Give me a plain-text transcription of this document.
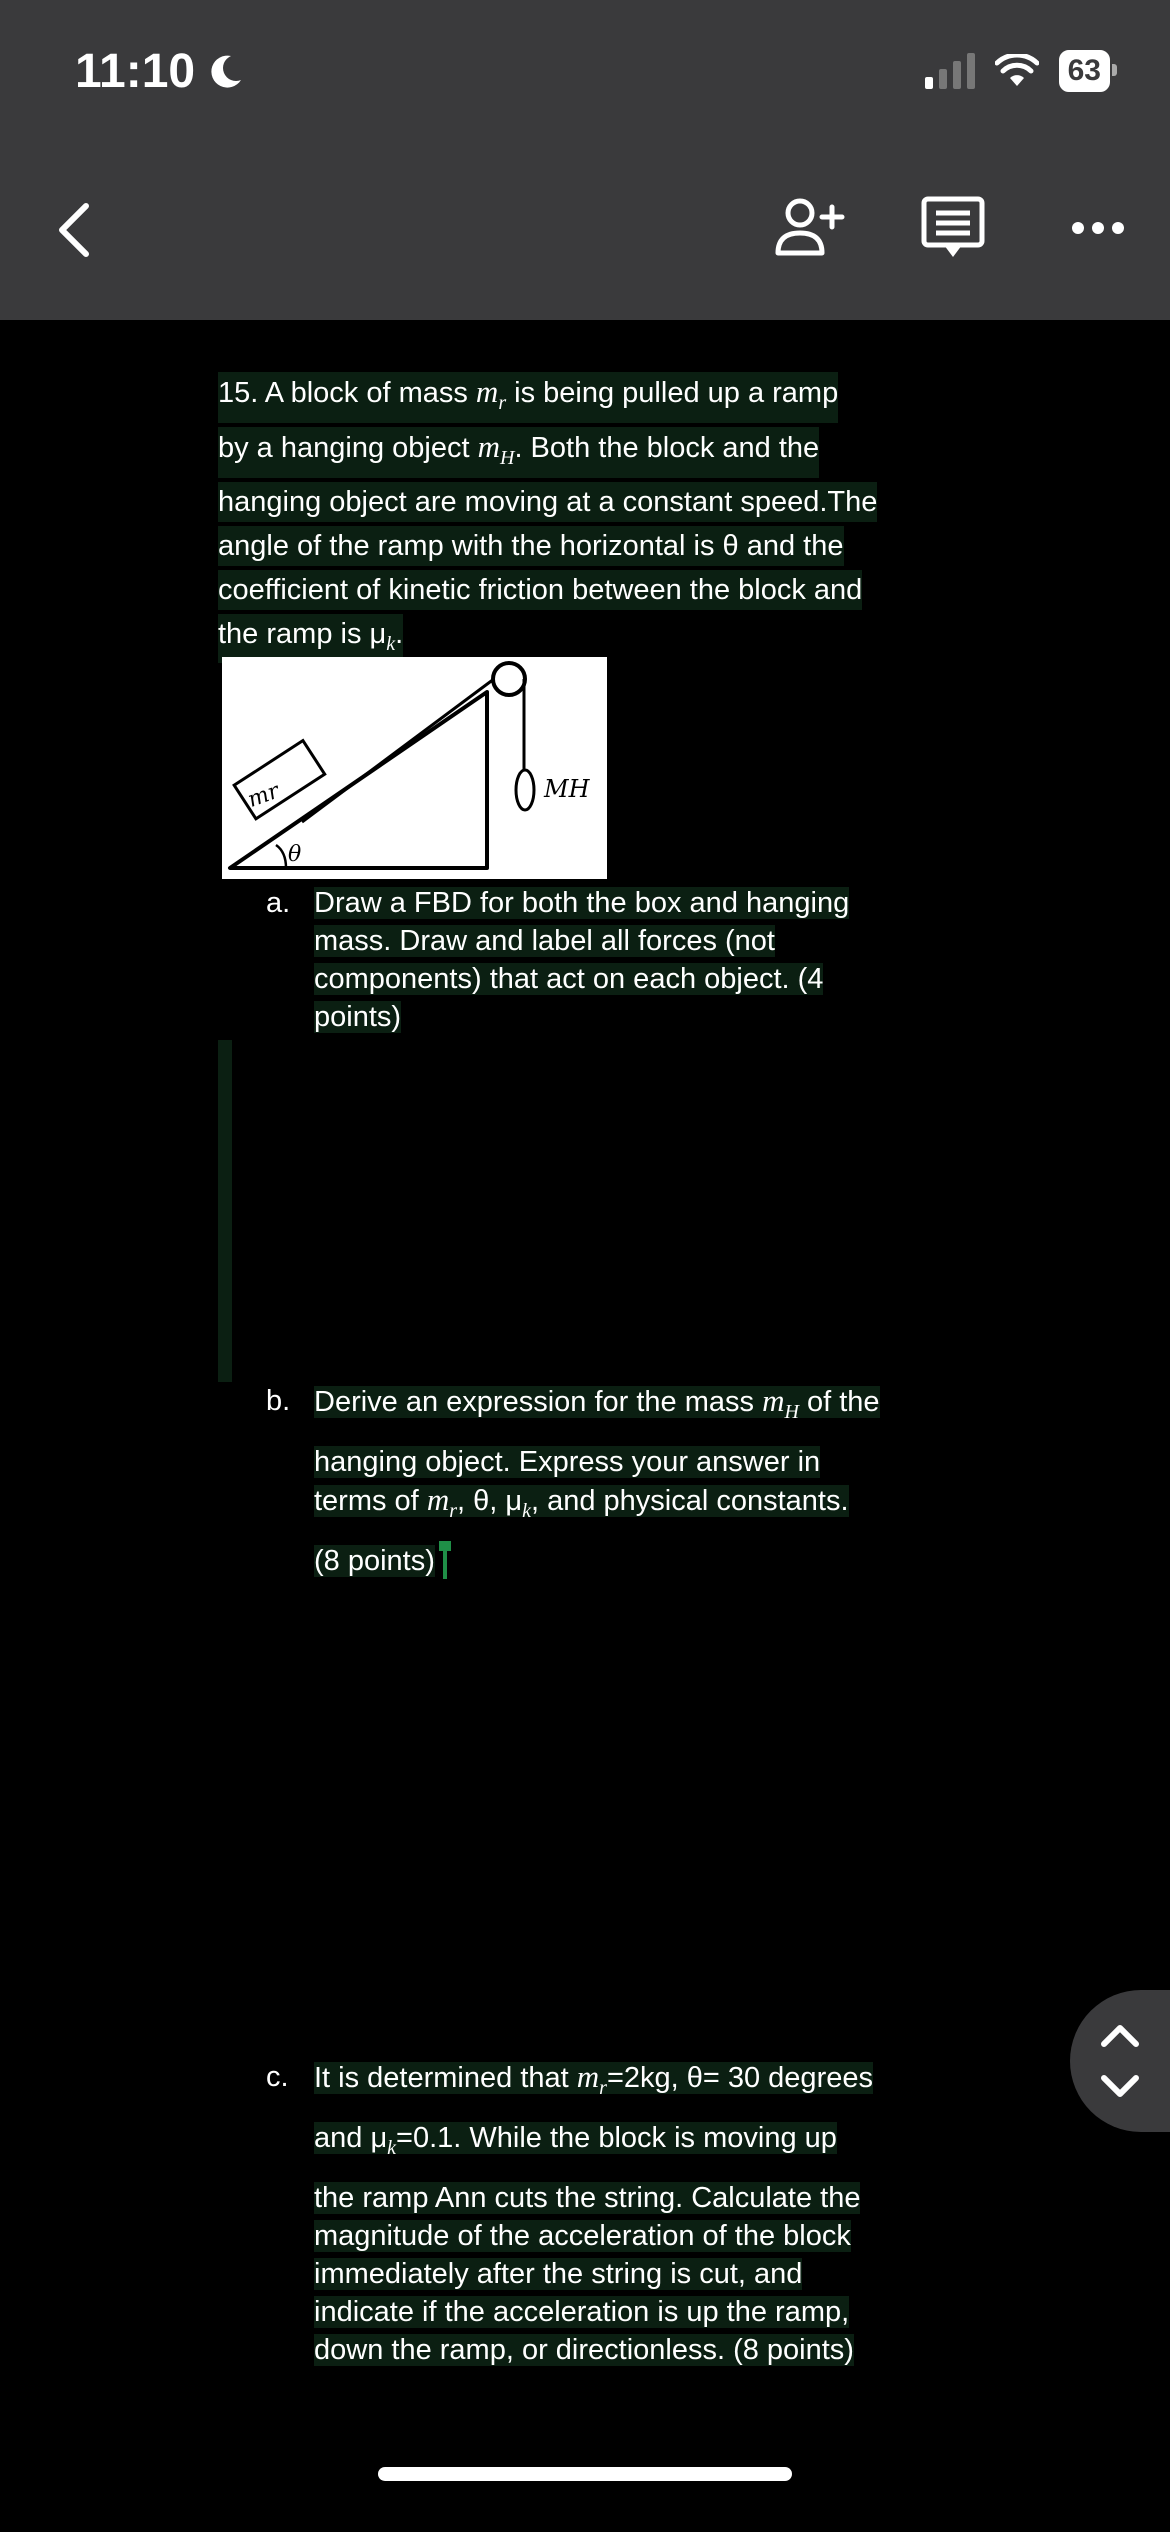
11:10	63
15. A block of mass $m_r$ is being pulled up a ramp
by a hanging object $m_H$. Both the block and the
hanging object are moving at a constant speed.The
angle of the ramp with the horizontal is θ and the
coefficient of kinetic friction between the block and
the ramp is $\mu_k$.
mr	MH
θ
a. Draw a FBD for both the box and hanging
mass. Draw and label all forces (not
components) that act on each object. (4
points)
b. Derive an expression for the mass $m_H$ of the
hanging object. Express your answer in
terms of $m_r$, θ, $\mu_k$, and physical constants.
(8 points)
c. It is determined that $m_r=2kg$, θ= 30 degrees
and $\mu_k=0.1$. While the block is moving up
the ramp Ann cuts the string. Calculate the
magnitude of the acceleration of the block
immediately after the string is cut, and
indicate if the acceleration is up the ramp,
down the ramp, or directionless. (8 points)
